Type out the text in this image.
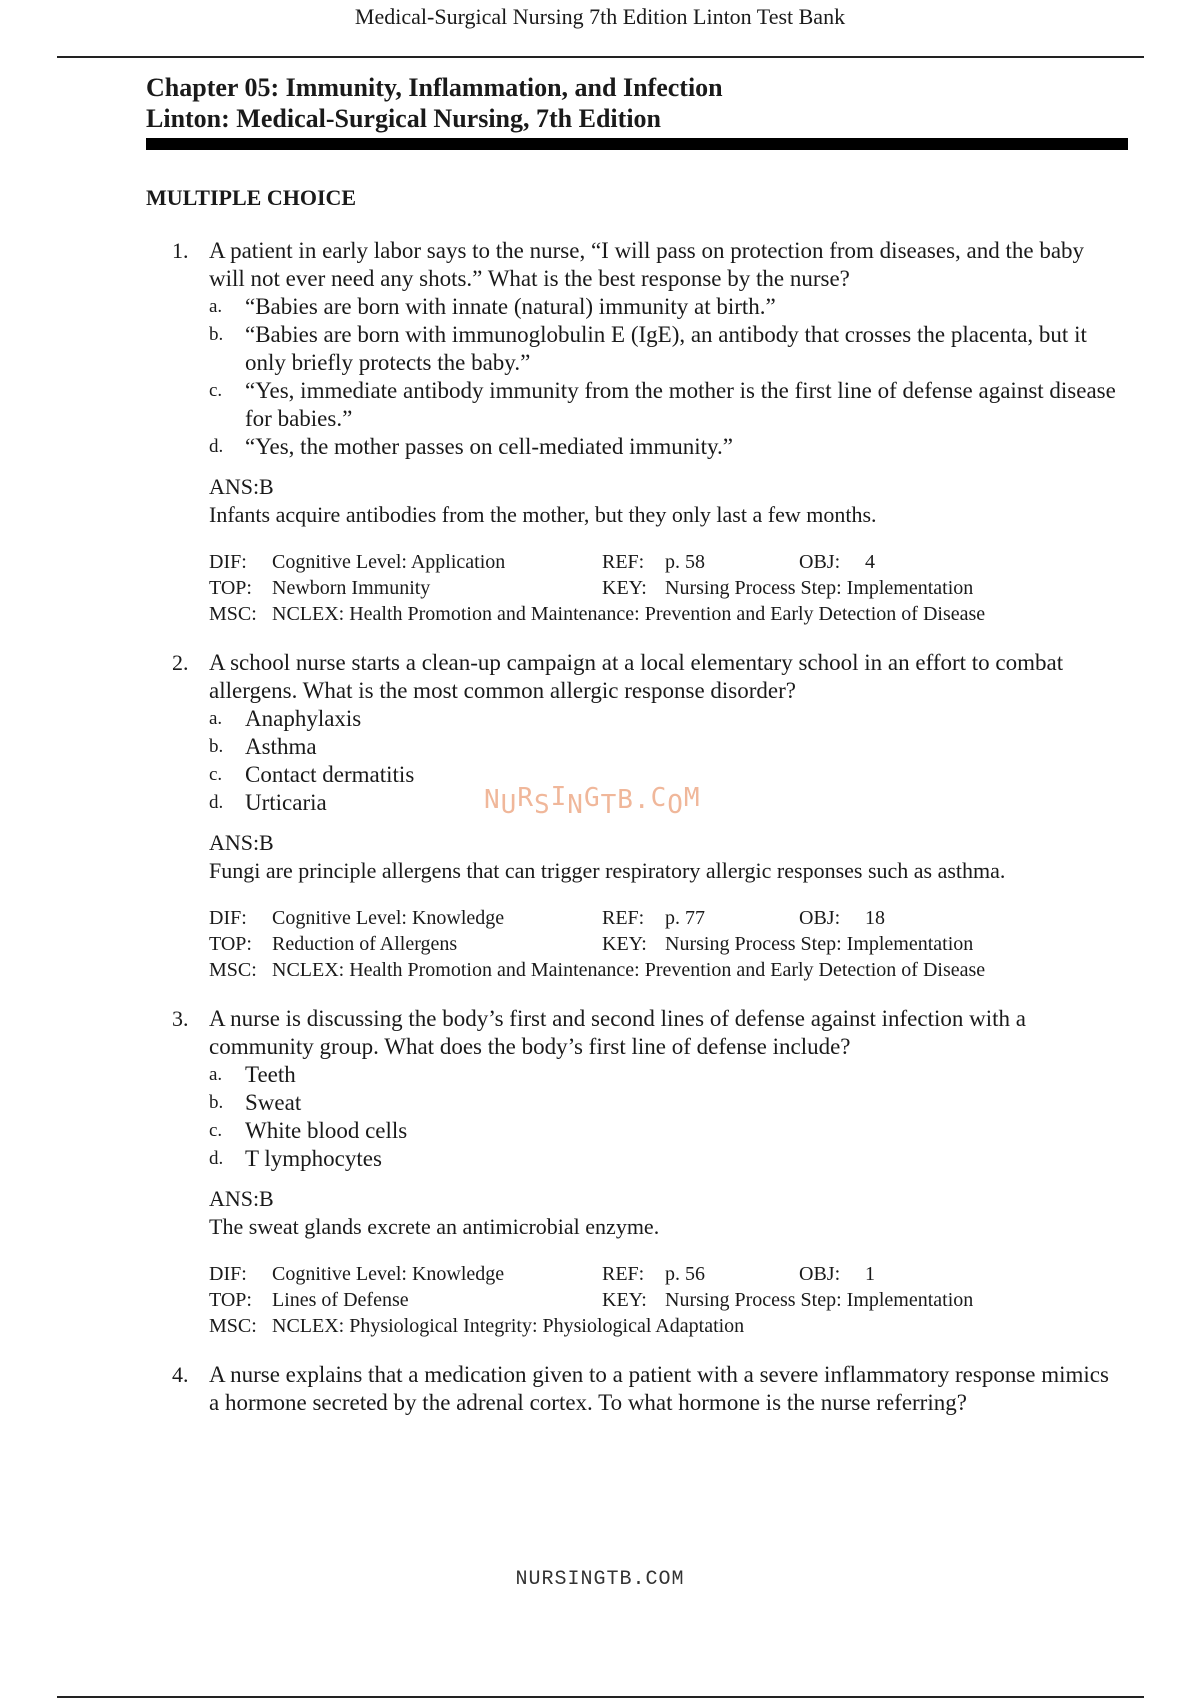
Medical-Surgical Nursing 7th Edition Linton Test Bank
Chapter 05: Immunity, Inflammation, and Infection
Linton: Medical-Surgical Nursing, 7th Edition
MULTIPLE CHOICE
1. A patient in early labor says to the nurse, “I will pass on protection from diseases, and the baby will not ever need any shots.” What is the best response by the nurse?
a. “Babies are born with innate (natural) immunity at birth.”
b. “Babies are born with immunoglobulin E (IgE), an antibody that crosses the placenta, but it only briefly protects the baby.”
c. “Yes, immediate antibody immunity from the mother is the first line of defense against disease for babies.”
d. “Yes, the mother passes on cell-mediated immunity.”
ANS:B
Infants acquire antibodies from the mother, but they only last a few months.
DIF: Cognitive Level: Application	REF: p. 58	OBJ: 4
TOP: Newborn Immunity	KEY: Nursing Process Step: Implementation
MSC: NCLEX: Health Promotion and Maintenance: Prevention and Early Detection of Disease
2. A school nurse starts a clean-up campaign at a local elementary school in an effort to combat allergens. What is the most common allergic response disorder?
a. Anaphylaxis
b. Asthma
c. Contact dermatitis
d. Urticaria
ANS:B
Fungi are principle allergens that can trigger respiratory allergic responses such as asthma.
DIF: Cognitive Level: Knowledge	REF: p. 77	OBJ: 18
TOP: Reduction of Allergens	KEY: Nursing Process Step: Implementation
MSC: NCLEX: Health Promotion and Maintenance: Prevention and Early Detection of Disease
3. A nurse is discussing the body’s first and second lines of defense against infection with a community group. What does the body’s first line of defense include?
a. Teeth
b. Sweat
c. White blood cells
d. T lymphocytes
ANS:B
The sweat glands excrete an antimicrobial enzyme.
DIF: Cognitive Level: Knowledge	REF: p. 56	OBJ: 1
TOP: Lines of Defense	KEY: Nursing Process Step: Implementation
MSC: NCLEX: Physiological Integrity: Physiological Adaptation
4. A nurse explains that a medication given to a patient with a severe inflammatory response mimics a hormone secreted by the adrenal cortex. To what hormone is the nurse referring?
NURSINGTB.COM
NURSINGTB.COM
